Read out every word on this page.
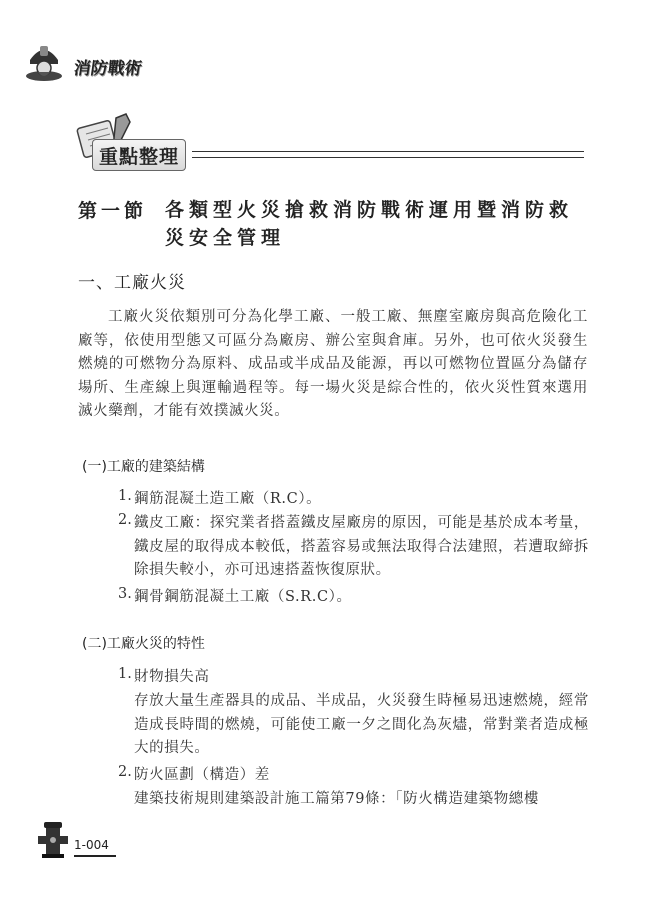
消防戰術
重點整理
第一節 各類型火災搶救消防戰術運用暨消防救災安全管理
一、工廠火災
工廠火災依類別可分為化學工廠、一般工廠、無塵室廠房與高危險化工廠等，依使用型態又可區分為廠房、辦公室與倉庫。另外，也可依火災發生燃燒的可燃物分為原料、成品或半成品及能源，再以可燃物位置區分為儲存場所、生產線上與運輸過程等。每一場火災是綜合性的，依火災性質來選用滅火藥劑，才能有效撲滅火災。
(一)工廠的建築結構
1. 鋼筋混凝土造工廠（R.C）。
2. 鐵皮工廠：探究業者搭蓋鐵皮屋廠房的原因，可能是基於成本考量，鐵皮屋的取得成本較低，搭蓋容易或無法取得合法建照，若遭取締拆除損失較小，亦可迅速搭蓋恢復原狀。
3. 鋼骨鋼筋混凝土工廠（S.R.C）。
(二)工廠火災的特性
1. 財物損失高
存放大量生產器具的成品、半成品，火災發生時極易迅速燃燒，經常造成長時間的燃燒，可能使工廠一夕之間化為灰燼，常對業者造成極大的損失。
2. 防火區劃（構造）差
建築技術規則建築設計施工篇第79條：「防火構造建築物總樓
1-004
